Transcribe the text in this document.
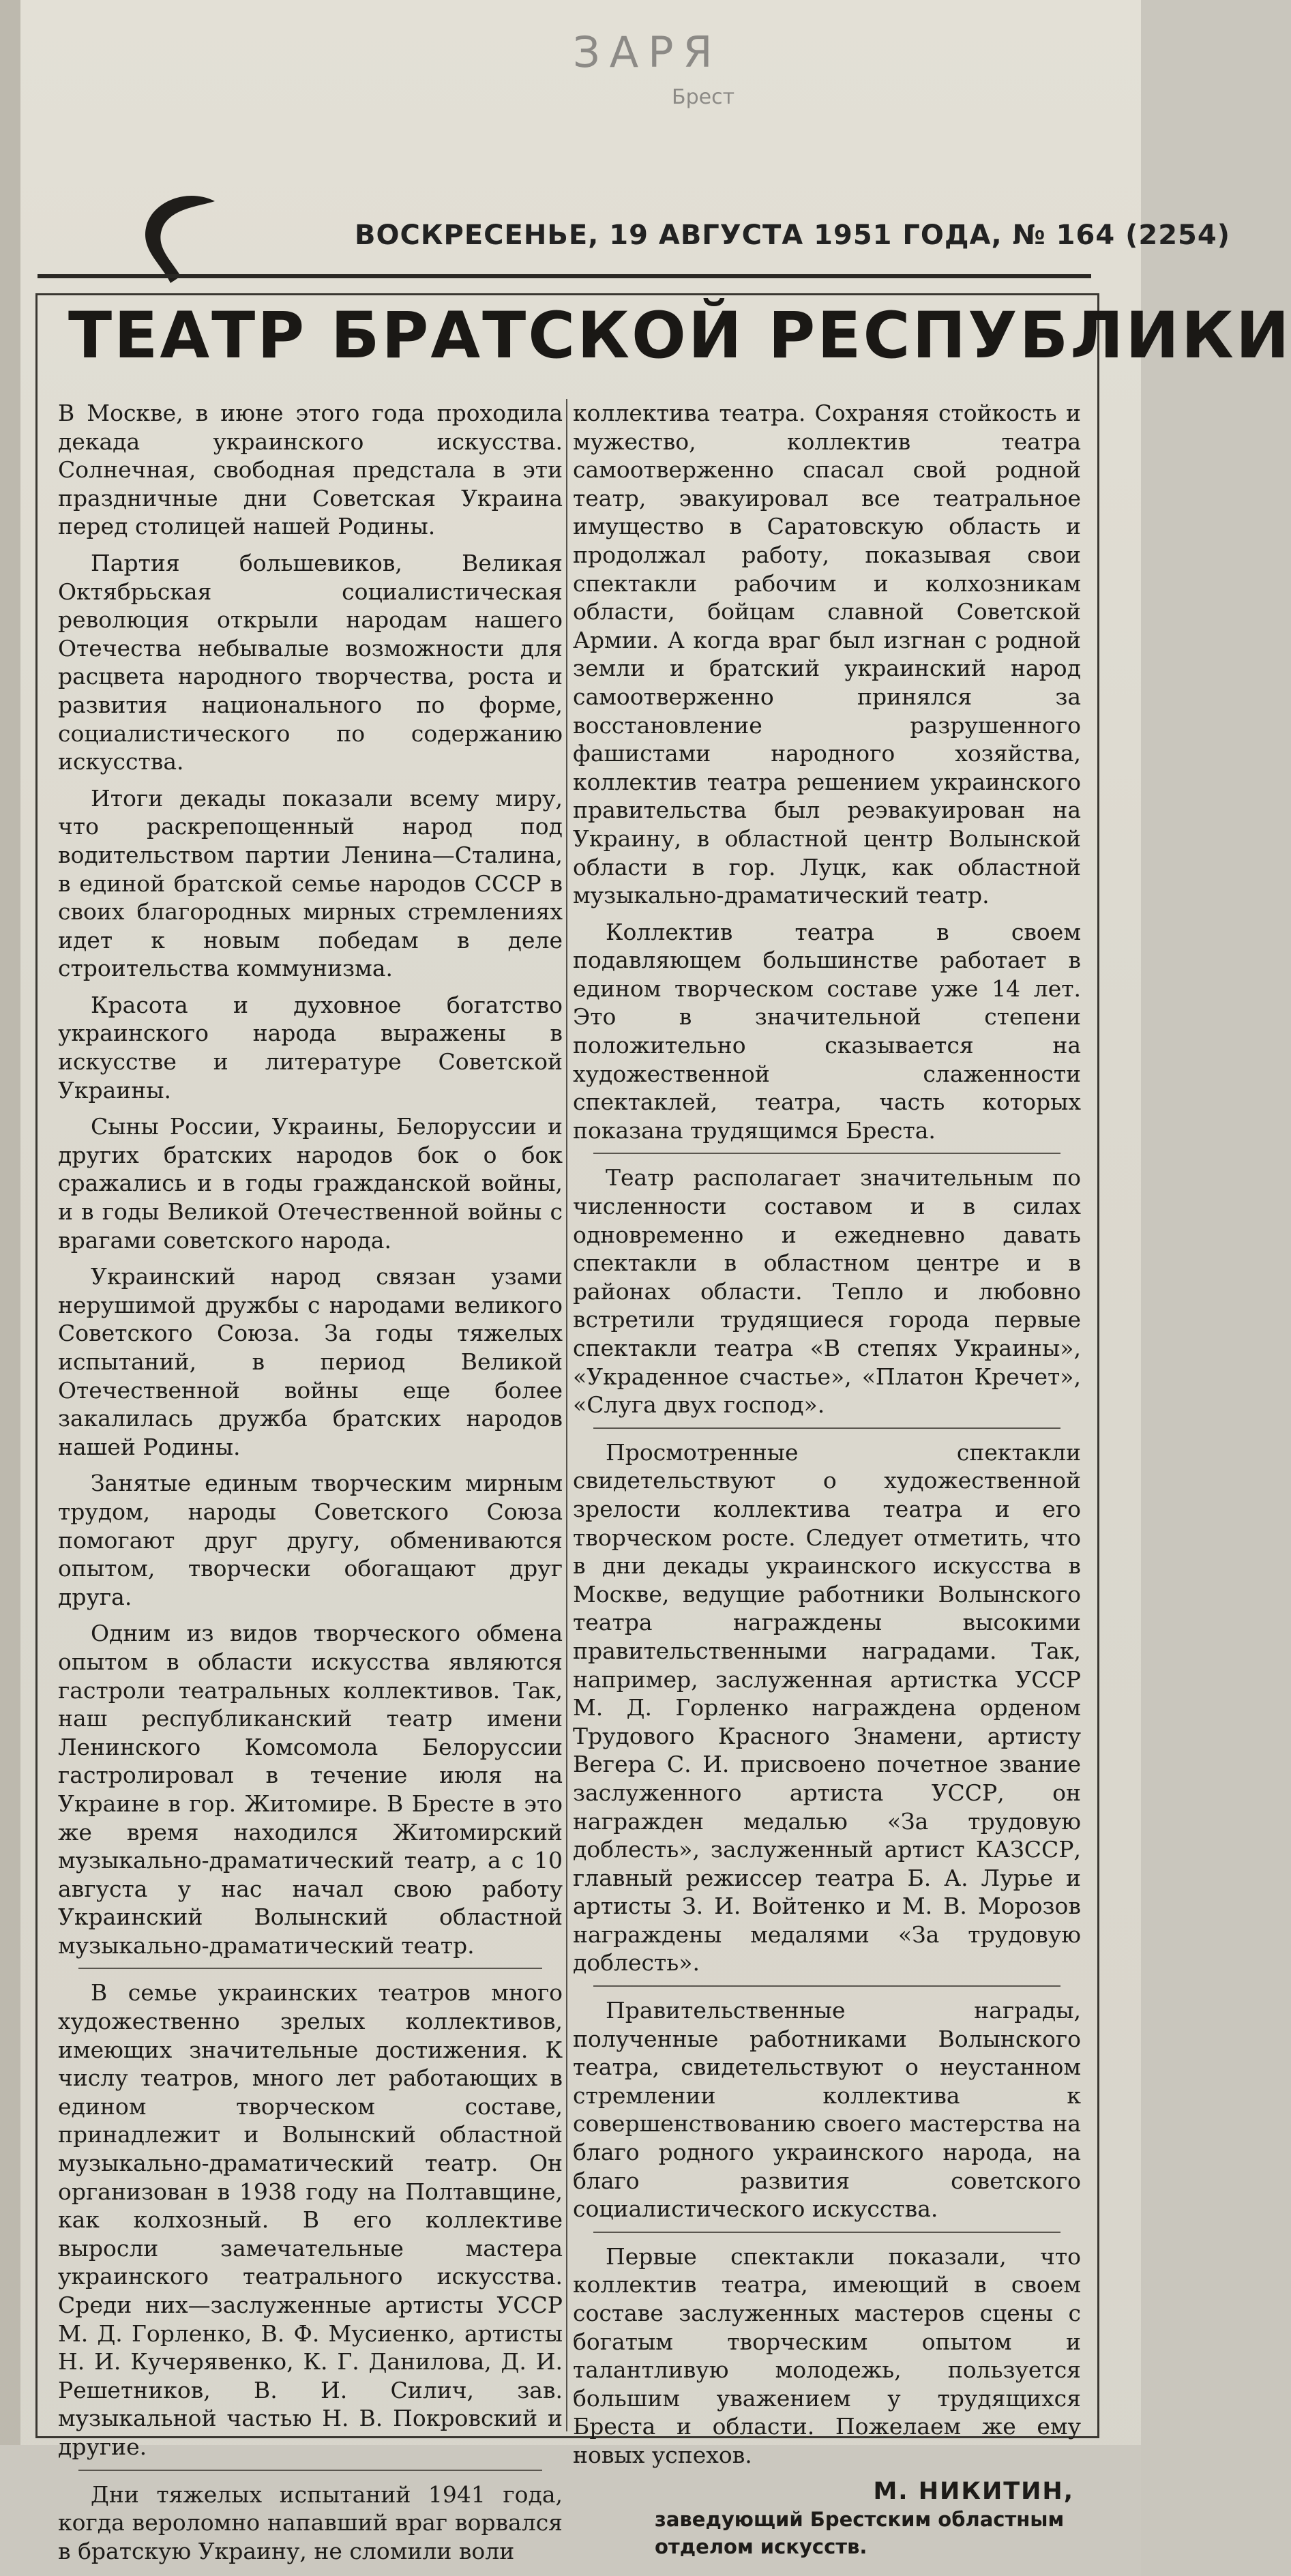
ЗАРЯ
Брест
ВОСКРЕСЕНЬЕ, 19 АВГУСТА 1951 ГОДА, № 164 (2254)
ТЕАТР БРАТСКОЙ РЕСПУБЛИКИ

В Москве, в июне этого года проходила декада украинского искусства. Солнечная, свободная предстала в эти праздничные дни Советская Украина перед столицей нашей Родины.

Партия большевиков, Великая Октябрьская социалистическая революция открыли народам нашего Отечества небывалые возможности для расцвета народного творчества, роста и развития национального по форме, социалистического по содержанию искусства.

Итоги декады показали всему миру, что раскрепощенный народ под водительством партии Ленина—Сталина, в единой братской семье народов СССР в своих благородных мирных стремлениях идет к новым победам в деле строительства коммунизма.

Красота и духовное богатство украинского народа выражены в искусстве и литературе Советской Украины.

Сыны России, Украины, Белоруссии и других братских народов бок о бок сражались и в годы гражданской войны, и в годы Великой Отечественной войны с врагами советского народа.

Украинский народ связан узами нерушимой дружбы с народами великого Советского Союза. За годы тяжелых испытаний, в период Великой Отечественной войны еще более закалилась дружба братских народов нашей Родины.

Занятые единым творческим мирным трудом, народы Советского Союза помогают друг другу, обмениваются опытом, творчески обогащают друг друга.

Одним из видов творческого обмена опытом в области искусства являются гастроли театральных коллективов. Так, наш республиканский театр имени Ленинского Комсомола Белоруссии гастролировал в течение июля на Украине в гор. Житомире. В Бресте в это же время находился Житомирский музыкально-драматический театр, а с 10 августа у нас начал свою работу Украинский Волынский областной музыкально-драматический театр.

В семье украинских театров много художественно зрелых коллективов, имеющих значительные достижения. К числу театров, много лет работающих в едином творческом составе, принадлежит и Волынский областной музыкально-драматический театр. Он организован в 1938 году на Полтавщине, как колхозный. В его коллективе выросли замечательные мастера украинского театрального искусства. Среди них—заслуженные артисты УССР М. Д. Горленко, В. Ф. Мусиенко, артисты Н. И. Кучерявенко, К. Г. Данилова, Д. И. Решетников, В. И. Силич, зав. музыкальной частью Н. В. Покровский и другие.

Дни тяжелых испытаний 1941 года, когда вероломно напавший враг ворвался в братскую Украину, не сломили воли

коллектива театра. Сохраняя стойкость и мужество, коллектив театра самоотверженно спасал свой родной театр, эвакуировал все театральное имущество в Саратовскую область и продолжал работу, показывая свои спектакли рабочим и колхозникам области, бойцам славной Советской Армии. А когда враг был изгнан с родной земли и братский украинский народ самоотверженно принялся за восстановление разрушенного фашистами народного хозяйства, коллектив театра решением украинского правительства был реэвакуирован на Украину, в областной центр Волынской области в гор. Луцк, как областной музыкально-драматический театр.

Коллектив театра в своем подавляющем большинстве работает в едином творческом составе уже 14 лет. Это в значительной степени положительно сказывается на художественной слаженности спектаклей, театра, часть которых показана трудящимся Бреста.

Театр располагает значительным по численности составом и в силах одновременно и ежедневно давать спектакли в областном центре и в районах области. Тепло и любовно встретили трудящиеся города первые спектакли театра «В степях Украины», «Украденное счастье», «Платон Кречет», «Слуга двух господ».

Просмотренные спектакли свидетельствуют о художественной зрелости коллектива театра и его творческом росте. Следует отметить, что в дни декады украинского искусства в Москве, ведущие работники Волынского театра награждены высокими правительственными наградами. Так, например, заслуженная артистка УССР М. Д. Горленко награждена орденом Трудового Красного Знамени, артисту Вегера С. И. присвоено почетное звание заслуженного артиста УССР, он награжден медалью «За трудовую доблесть», заслуженный артист КАЗССР, главный режиссер театра Б. А. Лурье и артисты З. И. Войтенко и М. В. Морозов награждены медалями «За трудовую доблесть».

Правительственные награды, полученные работниками Волынского театра, свидетельствуют о неустанном стремлении коллектива к совершенствованию своего мастерства на благо родного украинского народа, на благо развития советского социалистического искусства.

Первые спектакли показали, что коллектив театра, имеющий в своем составе заслуженных мастеров сцены с богатым творческим опытом и талантливую молодежь, пользуется большим уважением у трудящихся Бреста и области. Пожелаем же ему новых успехов.

М. НИКИТИН,
заведующий Брестским областным отделом искусств.
